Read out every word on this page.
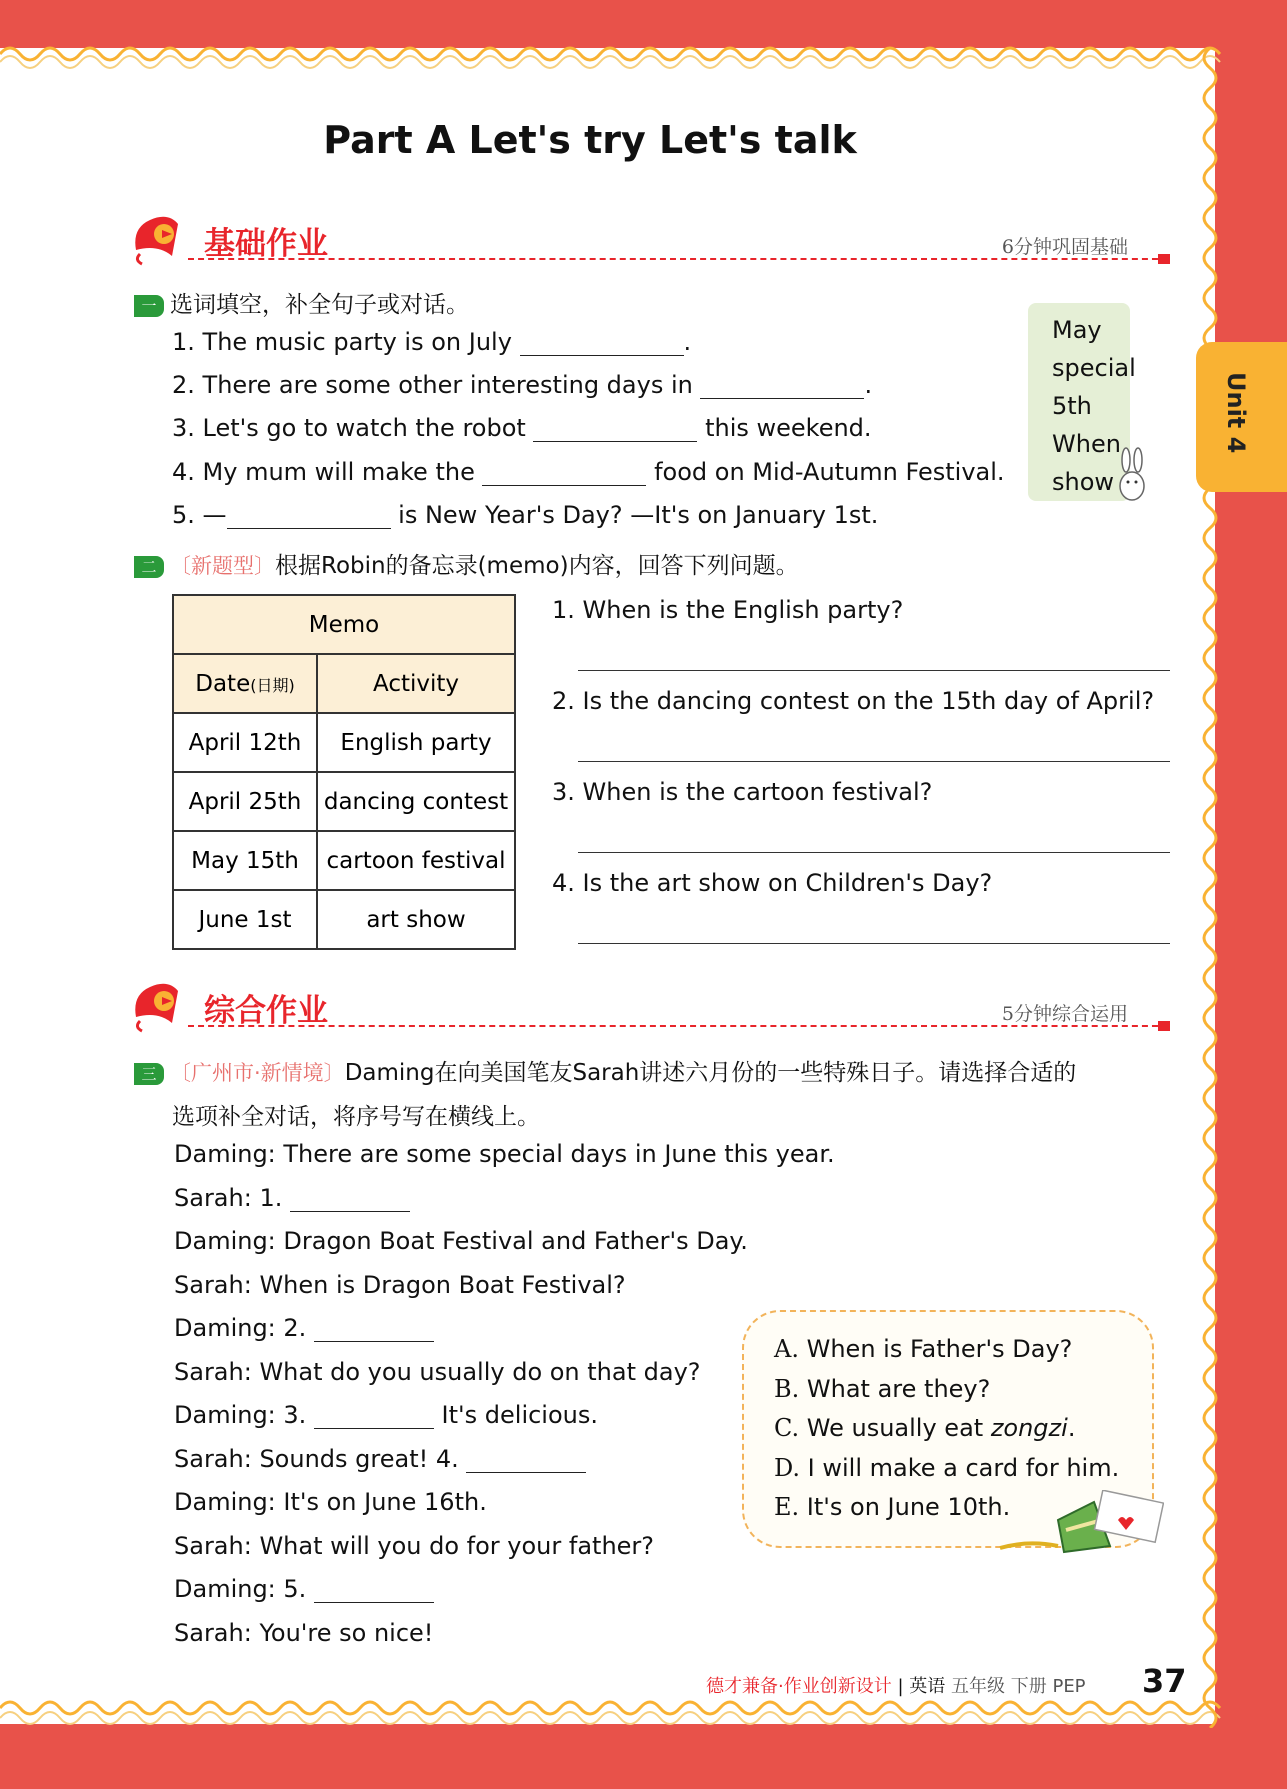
Part A Let's try Let's talk
Unit 4
基础作业	6分钟巩固基础
一 选词填空，补全句子或对话。
1. The music party is on July	.
2. There are some other interesting days in	.
3. Let's go to watch the robot	this weekend.
4. My mum will make the	food on Mid-Autumn Festival.
5. —	is New Year's Day? —It's on January 1st.
May
special
5th
When
show
二 〔新题型〕根据Robin的备忘录(memo)内容，回答下列问题。
Memo	
Date(日期)	Activity
April 12th	English party
April 25th	dancing contest
May 15th	cartoon festival
June 1st	art show
1. When is the English party?
2. Is the dancing contest on the 15th day of April?
3. When is the cartoon festival?
4. Is the art show on Children's Day?
综合作业	5分钟综合运用
三 〔广州市·新情境〕Daming在向美国笔友Sarah讲述六月份的一些特殊日子。请选择合适的
选项补全对话，将序号写在横线上。
Daming: There are some special days in June this year.
Sarah: 1.
Daming: Dragon Boat Festival and Father's Day.
Sarah: When is Dragon Boat Festival?
Daming: 2.
Sarah: What do you usually do on that day?
Daming: 3.	It's delicious.
Sarah: Sounds great! 4.
Daming: It's on June 16th.
Sarah: What will you do for your father?
Daming: 5.
Sarah: You're so nice!
A. When is Father's Day?
B. What are they?
C. We usually eat zongzi.
D. I will make a card for him.
E. It's on June 10th.
德才兼备·作业创新设计 | 英语 五年级 下册 PEP 37
